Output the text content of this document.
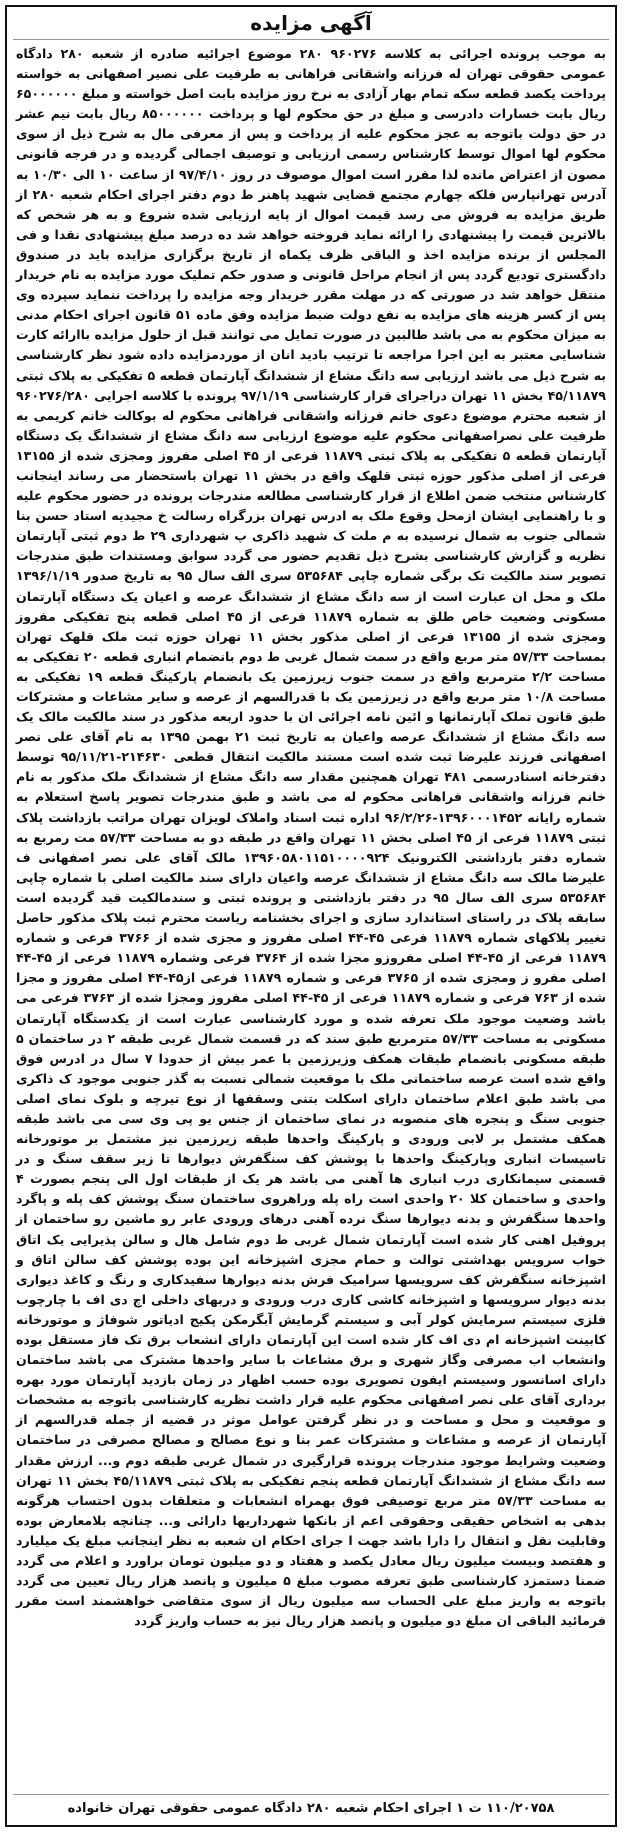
آگهی مزایده

به موجب پرونده اجرائی به کلاسه ۹۶۰۲۷۶ ۲۸۰ موضوع اجرائیه صادره از شعبه ۲۸۰ دادگاه عمومی حقوقی تهران له فرزانه واشقانی فراهانی به طرفیت علی نصیر اصفهانی به خواسته پرداخت یکصد قطعه سکه تمام بهار آزادی به نرخ روز مزایده بابت اصل خواسته و مبلغ ۶۵۰۰۰۰۰۰ ریال بابت خسارات دادرسی و مبلغ در حق محکوم لها و پرداخت ۸۵۰۰۰۰۰۰ ریال بابت نیم عشر در حق دولت باتوجه به عجز محکوم علیه از پرداخت و پس از معرفی مال به شرح ذیل از سوی محکوم لها اموال توسط کارشناس رسمی ارزیابی و توصیف اجمالی گردیده و در فرجه قانونی مصون از اعتراض مانده لذا مقرر است اموال موصوف در روز ۹۷/۴/۱۰ از ساعت ۱۰ الی ۱۰/۳۰ به آدرس تهرانپارس فلکه چهارم مجتمع قضایی شهید پاهنر ط دوم دفتر اجرای احکام شعبه ۲۸۰ از طریق مزایده به فروش می رسد قیمت اموال از پایه ارزیابی شده شروع و به هر شخص که بالاترین قیمت را پیشنهادی را ارائه نماید فروخته خواهد شد ده درصد مبلغ پیشنهادی نقدا و فی المجلس از برنده مزایده اخذ و الباقی ظرف یکماه از تاریخ برگزاری مزایده باید در صندوق دادگستری تودیع گردد پس از انجام مراحل قانونی و صدور حکم تملیک مورد مزایده به نام خریدار منتقل خواهد شد در صورتی که در مهلت مقرر خریدار وجه مزایده را پرداخت ننماید سپرده وی پس از کسر هزینه های مزایده به نفع دولت ضبط مزایده وفق ماده ۵۱ قانون اجرای احکام مدنی به میزان محکوم به می باشد طالبین در صورت تمایل می توانند قبل از حلول مزایده باارائه کارت شناسایی معتبر به این اجرا مراجعه تا ترتیب بادید انان از موردمزایده داده شود نظر کارشناسی به شرح ذیل می باشد ارزیابی سه دانگ مشاع از ششدانگ آپارتمان قطعه ۵ تفکیکی به پلاک ثبتی ۴۵/۱۱۸۷۹ بخش ۱۱ تهران دراجرای قرار کارشناسی ۹۷/۱/۱۹ پرونده با کلاسه اجرایی ۹۶۰۲۷۶/۲۸۰ از شعبه محترم موضوع دعوی خانم فرزانه واشقانی فراهانی محکوم له بوکالت خانم کریمی به طرفیت علی نصراصفهانی محکوم علیه موضوع ارزیابی سه دانگ مشاع از ششدانگ یک دستگاه آپارتمان قطعه ۵ تفکیکی به پلاک ثبتی ۱۱۸۷۹ فرعی از ۴۵ اصلی مفروز ومجزی شده از ۱۳۱۵۵ فرعی از اصلی مذکور حوزه ثبتی قلهک واقع در بخش ۱۱ تهران باستحضار می رساند اینجانب کارشناس منتخب ضمن اطلاع از قرار کارشناسی مطالعه مندرجات پرونده در حضور محکوم علیه و با راهنمایی ایشان ازمحل وقوع ملک به ادرس تهران بزرگراه رسالت خ مجیدیه استاد حسن بنا شمالی جنوب به شمال نرسیده به م ملت ک شهید ذاکری پ شهرداری ۲۹ ط دوم ثبتی آپارتمان نظریه و گزارش کارشناسی بشرح ذیل تقدیم حضور می گردد سوابق ومستندات طبق مندرجات تصویر سند مالکیت تک برگی شماره چاپی ۵۳۵۶۸۴ سری الف سال ۹۵ به تاریخ صدور ۱۳۹۶/۱/۱۹ ملک و محل ان عبارت است از سه دانگ مشاع از ششدانگ عرصه و اعیان یک دستگاه آپارتمان مسکونی وضعیت خاص طلق به شماره ۱۱۸۷۹ فرعی از ۴۵ اصلی قطعه پنج تفکیکی مفروز ومجزی شده از ۱۳۱۵۵ فرعی از اصلی مذکور بخش ۱۱ تهران حوزه ثبت ملک قلهک تهران بمساحت ۵۷/۳۳ متر مربع واقع در سمت شمال غربی ط دوم بانضمام انباری قطعه ۲۰ تفکیکی به مساحت ۲/۲ مترمربع واقع در سمت جنوب زیرزمین یک بانضمام پارکینگ قطعه ۱۹ تفکیکی به مساحت ۱۰/۸ متر مربع واقع در زیرزمین یک با قدرالسهم از عرصه و سایر مشاعات و مشترکات طبق قانون تملک آپارتمانها و ائین نامه اجرائی ان با حدود اربعه مذکور در سند مالکیت مالک یک سه دانگ مشاع از ششدانگ عرصه واعیان به تاریخ ثبت ۲۱ بهمن ۱۳۹۵ به نام آقای علی نصر اصفهانی فرزند علیرضا ثبت شده است مستند مالکیت انتقال قطعی ۲۱۴۶۳۰-۹۵/۱۱/۲۱ توسط دفترخانه اسنادرسمی ۴۸۱ تهران همچنین مقدار سه دانگ مشاع از ششدانگ ملک مذکور به نام خانم فرزانه واشقانی فراهانی محکوم له می باشد و طبق مندرجات تصویر پاسخ استعلام به شماره رایانه ۱۳۹۶۰۰۰۱۴۵۲-۹۶/۲/۲۶ اداره ثبت اسناد واملاک لویزان تهران مراتب بازداشت پلاک ثبتی ۱۱۸۷۹ فرعی از ۴۵ اصلی بخش ۱۱ تهران واقع در طبقه دو به مساحت ۵۷/۳۳ مت رمربع به شماره دفتر بازداشتی الکترونیک ۱۳۹۶۰۵۸۰۱۱۵۱۰۰۰۰۹۲۴ مالک آقای علی نصر اصفهانی ف علیرضا مالک سه دانگ مشاع از ششدانگ عرصه واعیان دارای سند مالکیت اصلی با شماره چاپی ۵۳۵۶۸۴ سری الف سال ۹۵ در دفتر بازداشتی و پرونده ثبتی و سندمالکیت قید گردیده است سابقه پلاک در راستای استاندارد سازی و اجرای بخشنامه ریاست محترم ثبت پلاک مذکور حاصل تغییر پلاکهای شماره ۱۱۸۷۹ فرعی ۴۵-۴۴ اصلی مفروز و مجزی شده از ۳۷۶۶ فرعی و شماره ۱۱۸۷۹ فرعی از ۴۵-۴۴ اصلی مفروزو مجزا شده از ۳۷۶۴ فرعی وشماره ۱۱۸۷۹ فرعی از ۴۵-۴۴ اصلی مفرو ز ومجزی شده از ۳۷۶۵ فرعی و شماره ۱۱۸۷۹ فرعی از۴۵-۴۴ اصلی مفروز و مجزا شده از ۷۶۳ فرعی و شماره ۱۱۸۷۹ فرعی از ۴۵-۴۴ اصلی مفروز ومجزا شده از ۳۷۶۳ فرعی می باشد وضعیت موجود ملک تعرفه شده و مورد کارشناسی عبارت است از یکدستگاه آپارتمان مسکونی به مساحت ۵۷/۳۳ مترمربع طبق سند که در قسمت شمال غربی طبقه ۲ در ساختمان ۵ طبقه مسکونی بانضمام طبقات همکف وزیرزمین با عمر بیش از حدودا ۷ سال در ادرس فوق واقع شده است عرصه ساختمانی ملک با موقعیت شمالی نسبت به گذر جنوبی موجود ک ذاکری می باشد طبق اعلام ساختمان دارای اسکلت بتنی وسقفها از نوع تیرچه و بلوک نمای اصلی جنوبی سنگ و پنجره های منصوبه در نمای ساختمان از جنس یو پی وی سی می باشد طبقه همکف مشتمل بر لابی ورودی و پارکینگ واحدها طبقه زیرزمین نیز مشتمل بر موتورخانه تاسیسات انباری وپارکینگ واحدها با پوشش کف سنگفرش دیوارها تا زیر سقف سنگ و در قسمتی سیمانکاری درب انباری ها آهنی می باشد هر یک از طبقات اول الی پنجم بصورت ۴ واحدی و ساختمان کلا ۲۰ واحدی است راه پله وراهروی ساختمان سنگ پوشش کف پله و پاگرد واحدها سنگفرش و بدنه دیوارها سنگ نرده آهنی درهای ورودی عابر رو ماشین رو ساختمان از پروفیل اهنی کار شده است آپارتمان شمال غربی ط دوم شامل هال و سالن پذیرایی یک اتاق خواب سرویس بهداشتی توالت و حمام مجزی اشپزخانه این بوده پوشش کف سالن اتاق و اشپزخانه سنگفرش کف سرویسها سرامیک فرش بدنه دیوارها سفیدکاری و رنگ و کاغذ دیواری بدنه دیوار سرویسها و اشپزخانه کاشی کاری درب ورودی و دربهای داخلی اچ دی اف با چارچوب فلزی سیستم سرمایش کولر آبی و سیستم گرمایش آبگرمکن پکیج ادیاتور شوفاژ و موتورخانه کابینت اشپزخانه ام دی اف کار شده است این آپارتمان دارای انشعاب برق تک فاز مستقل بوده وانشعاب اب مصرفی وگاز شهری و برق مشاعات با سایر واحدها مشترک می باشد ساختمان دارای اسانسور وسیستم ایفون تصویری بوده حسب اظهار در زمان بازدید آپارتمان مورد بهره برداری آقای علی نصر اصفهانی محکوم علیه قرار داشت نظریه کارشناسی باتوجه به مشخصات و موقعیت و محل و مساحت و در نظر گرفتن عوامل موثر در قضیه از جمله قدرالسهم از آپارتمان از عرصه و مشاعات و مشترکات عمر بنا و نوع مصالح و مصالح مصرفی در ساختمان وضعیت وشرایط موجود مندرجات پرونده قرارگیری در شمال غربی طبقه دوم و... ارزش مقدار سه دانگ مشاع از ششدانگ آپارتمان قطعه پنجم تفکیکی به پلاک ثبتی ۴۵/۱۱۸۷۹ بخش ۱۱ تهران به مساحت ۵۷/۳۳ متر مربع توصیفی فوق بهمراه انشعابات و متعلقات بدون احتساب هرگونه بدهی به اشخاص حقیقی وحقوقی اعم از بانکها شهرداریها دارائی و... چنانچه بلامعارض بوده وقابلیت نقل و انتقال را دارا باشد جهت ا جرای احکام ان شعبه به نظر اینجانب مبلغ یک میلیارد و هفتصد وبیست میلیون ریال معادل یکصد و هفتاد و دو میلیون تومان براورد و اعلام می گردد ضمنا دستمزد کارشناسی طبق تعرفه مصوب مبلغ ۵ میلیون و پانصد هزار ریال تعیین می گردد باتوجه به واریز مبلغ علی الحساب سه میلیون ریال از سوی متقاضی خواهشمند است مقرر فرمائید الباقی ان مبلغ دو میلیون و پانصد هزار ریال نیز به حساب واریز گردد

۱۱۰/۲۰۷۵۸ ت ۱ اجرای احکام شعبه ۲۸۰ دادگاه عمومی حقوقی تهران خانواده
